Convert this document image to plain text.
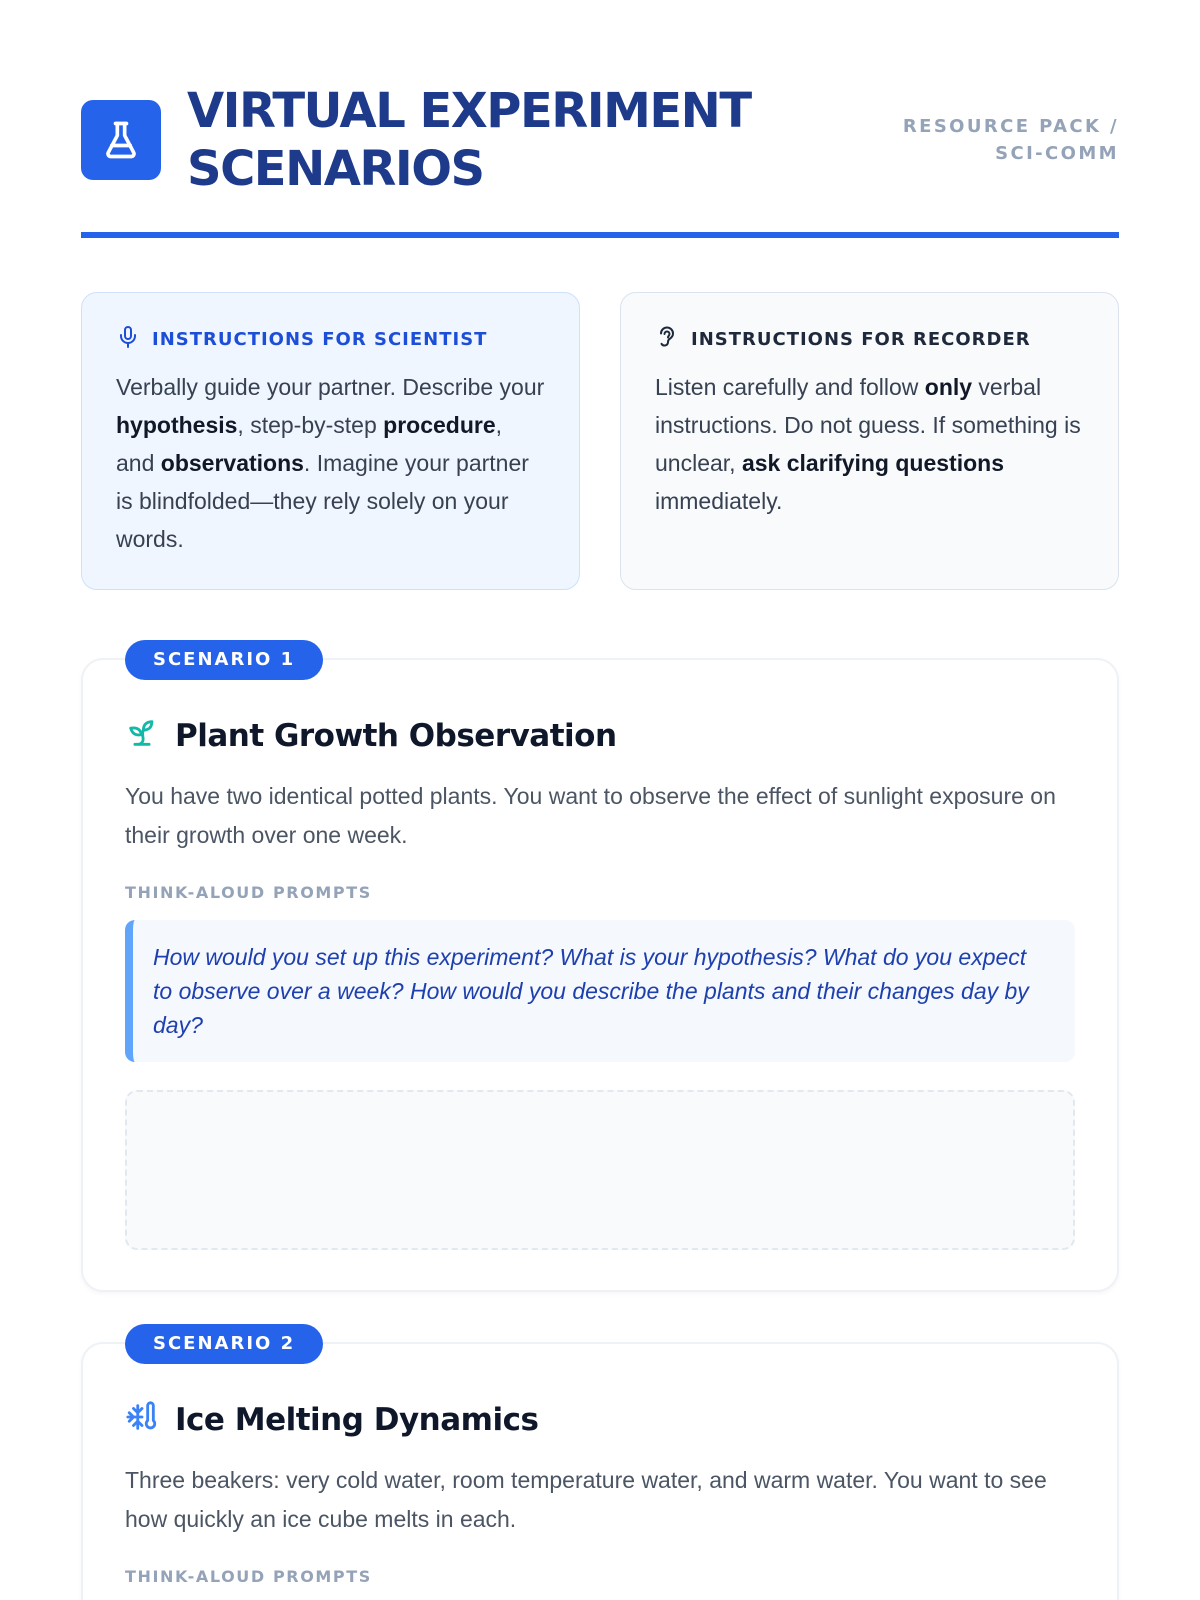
VIRTUAL EXPERIMENT SCENARIOS
RESOURCE PACK /
SCI-COMM
INSTRUCTIONS FOR SCIENTIST

Verbally guide your partner. Describe your hypothesis, step-by-step procedure, and observations. Imagine your partner is blindfolded—they rely solely on your words.

INSTRUCTIONS FOR RECORDER

Listen carefully and follow only verbal instructions. Do not guess. If something is unclear, ask clarifying questions immediately.

SCENARIO 1
Plant Growth Observation

You have two identical potted plants. You want to observe the effect of sunlight exposure on their growth over one week.

THINK-ALOUD PROMPTS
How would you set up this experiment? What is your hypothesis? What do you expect to observe over a week? How would you describe the plants and their changes day by day?
SCENARIO 2
Ice Melting Dynamics

Three beakers: very cold water, room temperature water, and warm water. You want to see how quickly an ice cube melts in each.

THINK-ALOUD PROMPTS
